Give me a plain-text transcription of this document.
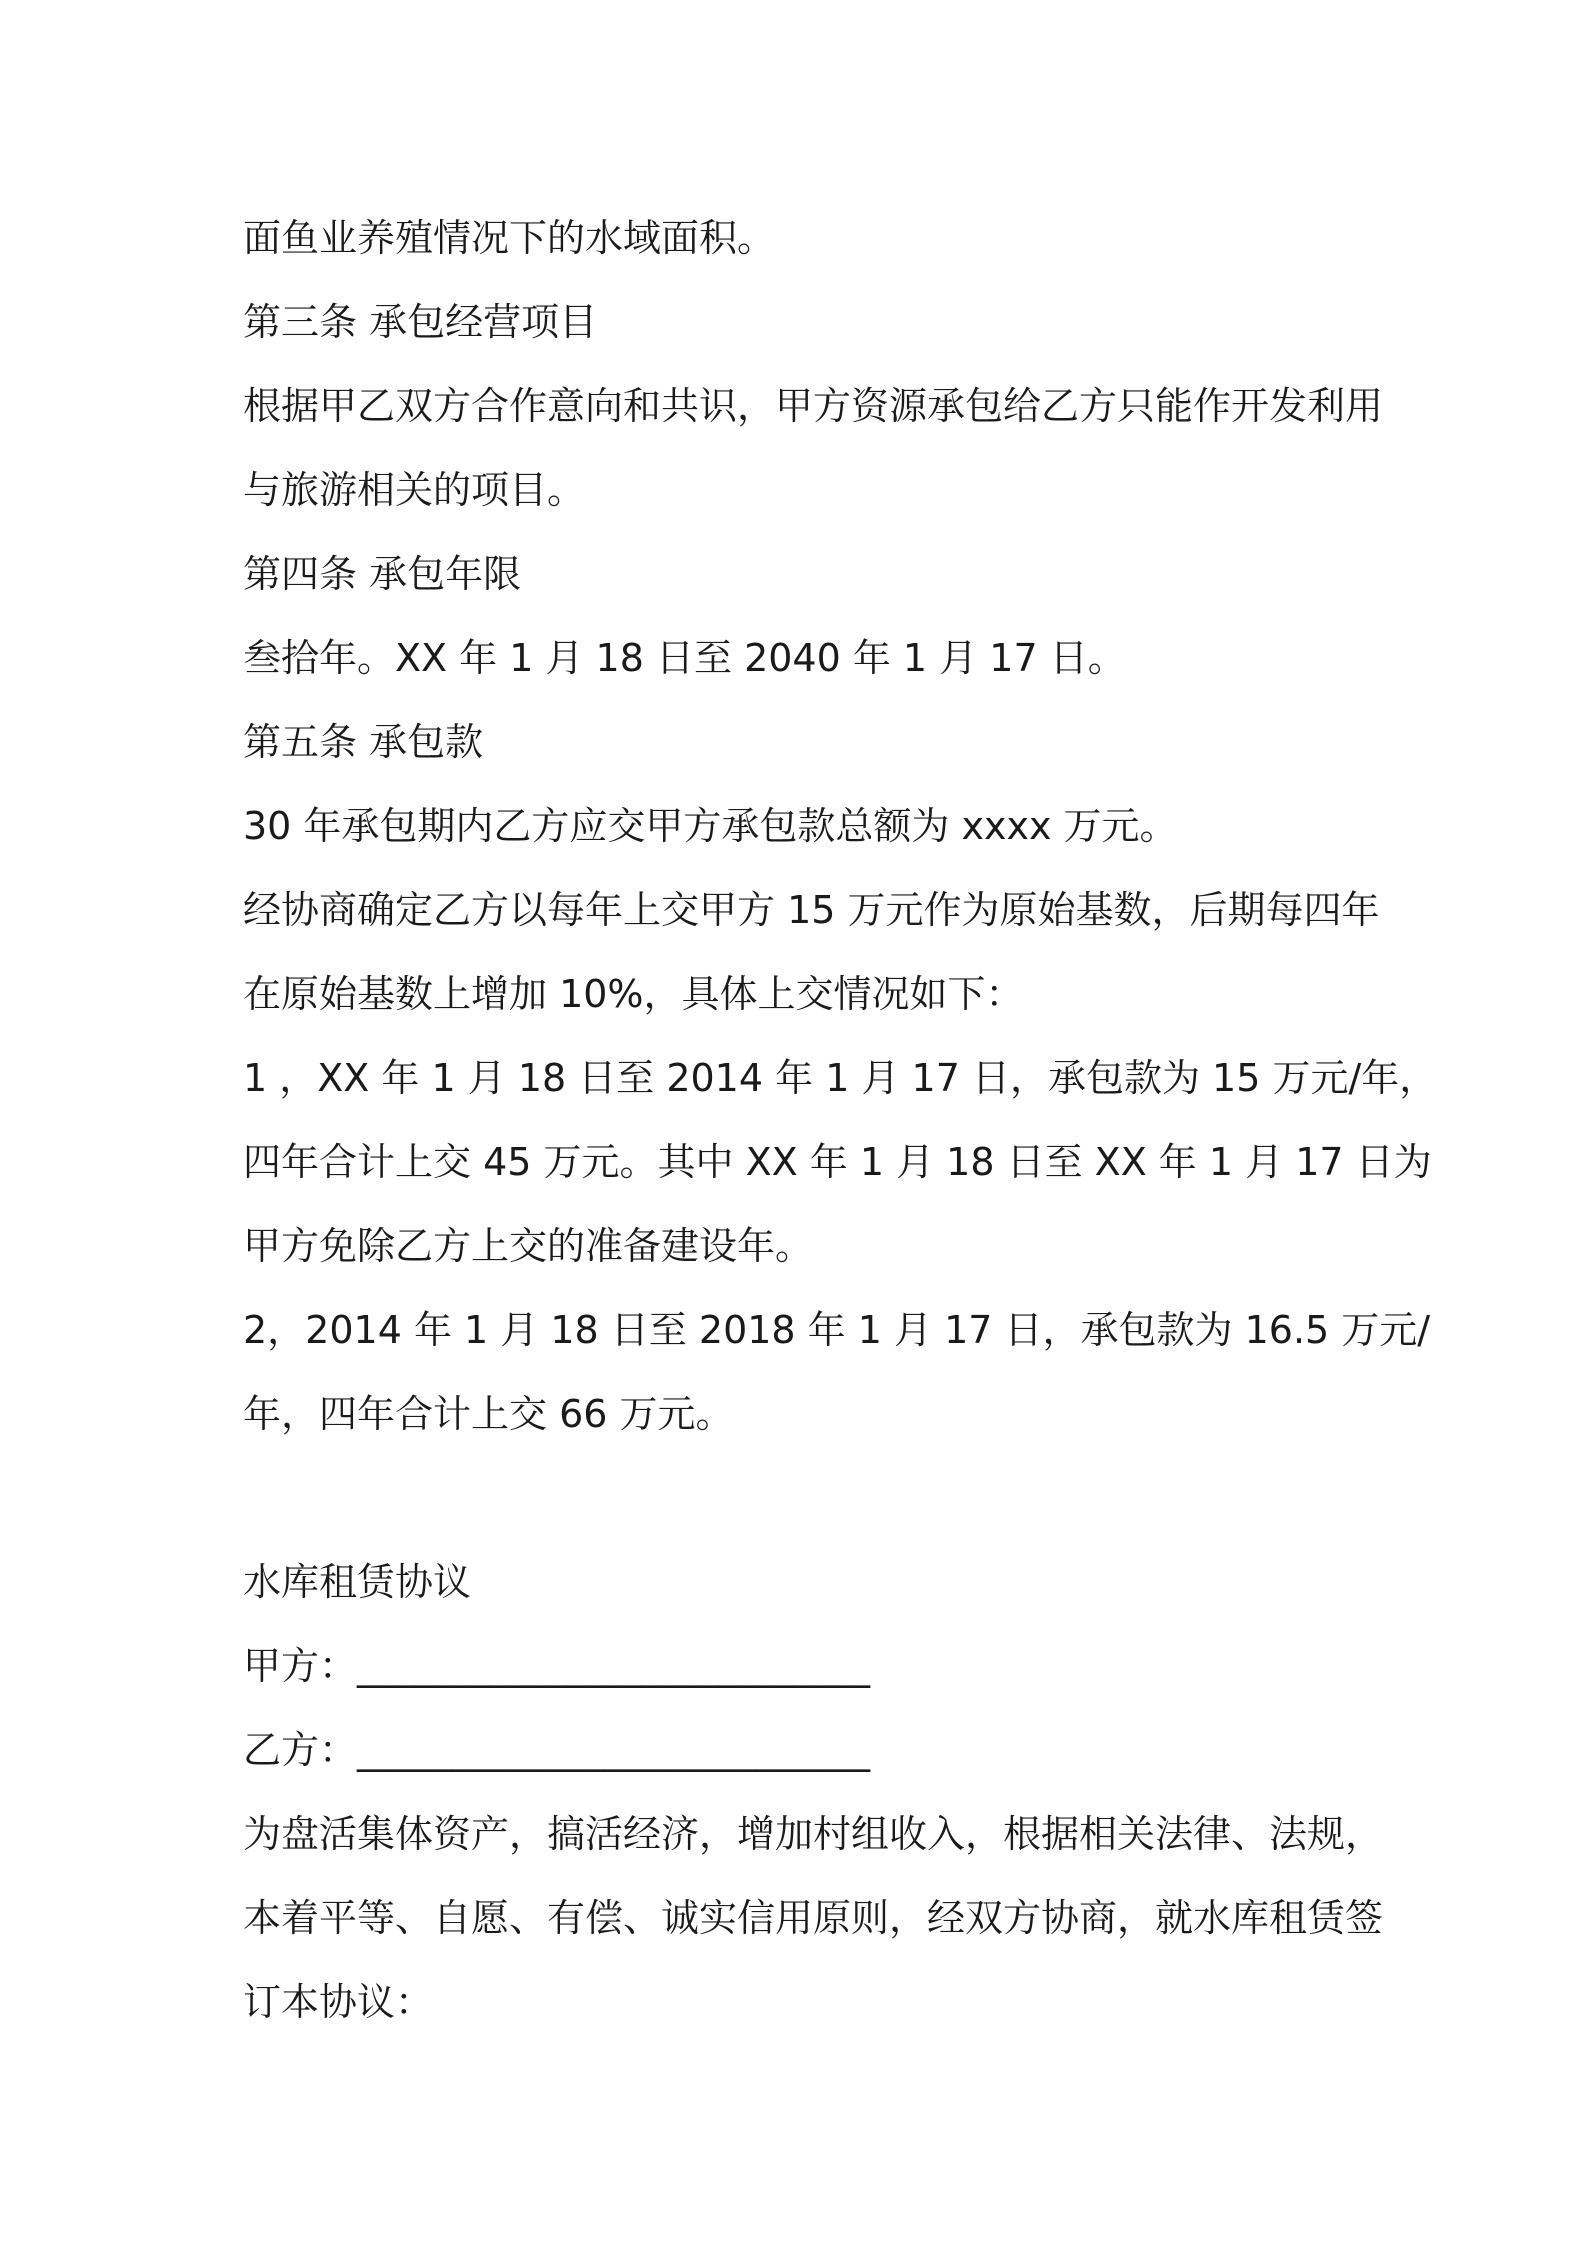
面鱼业养殖情况下的水域面积。
第三条 承包经营项目
根据甲乙双方合作意向和共识，甲方资源承包给乙方只能作开发利用
与旅游相关的项目。
第四条 承包年限
叁拾年。XX 年 1 月 18 日至 2040 年 1 月 17 日。
第五条 承包款
30 年承包期内乙方应交甲方承包款总额为 xxxx 万元。
经协商确定乙方以每年上交甲方 15 万元作为原始基数，后期每四年
在原始基数上增加 10%，具体上交情况如下：
1 ，XX 年 1 月 18 日至 2014 年 1 月 17 日，承包款为 15 万元/年，
四年合计上交 45 万元。其中 XX 年 1 月 18 日至 XX 年 1 月 17 日为
甲方免除乙方上交的准备建设年。
2，2014 年 1 月 18 日至 2018 年 1 月 17 日，承包款为 16.5 万元/
年，四年合计上交 66 万元。
水库租赁协议
甲方：___________________________
乙方：___________________________
为盘活集体资产，搞活经济，增加村组收入，根据相关法律、法规，
本着平等、自愿、有偿、诚实信用原则，经双方协商，就水库租赁签
订本协议：
